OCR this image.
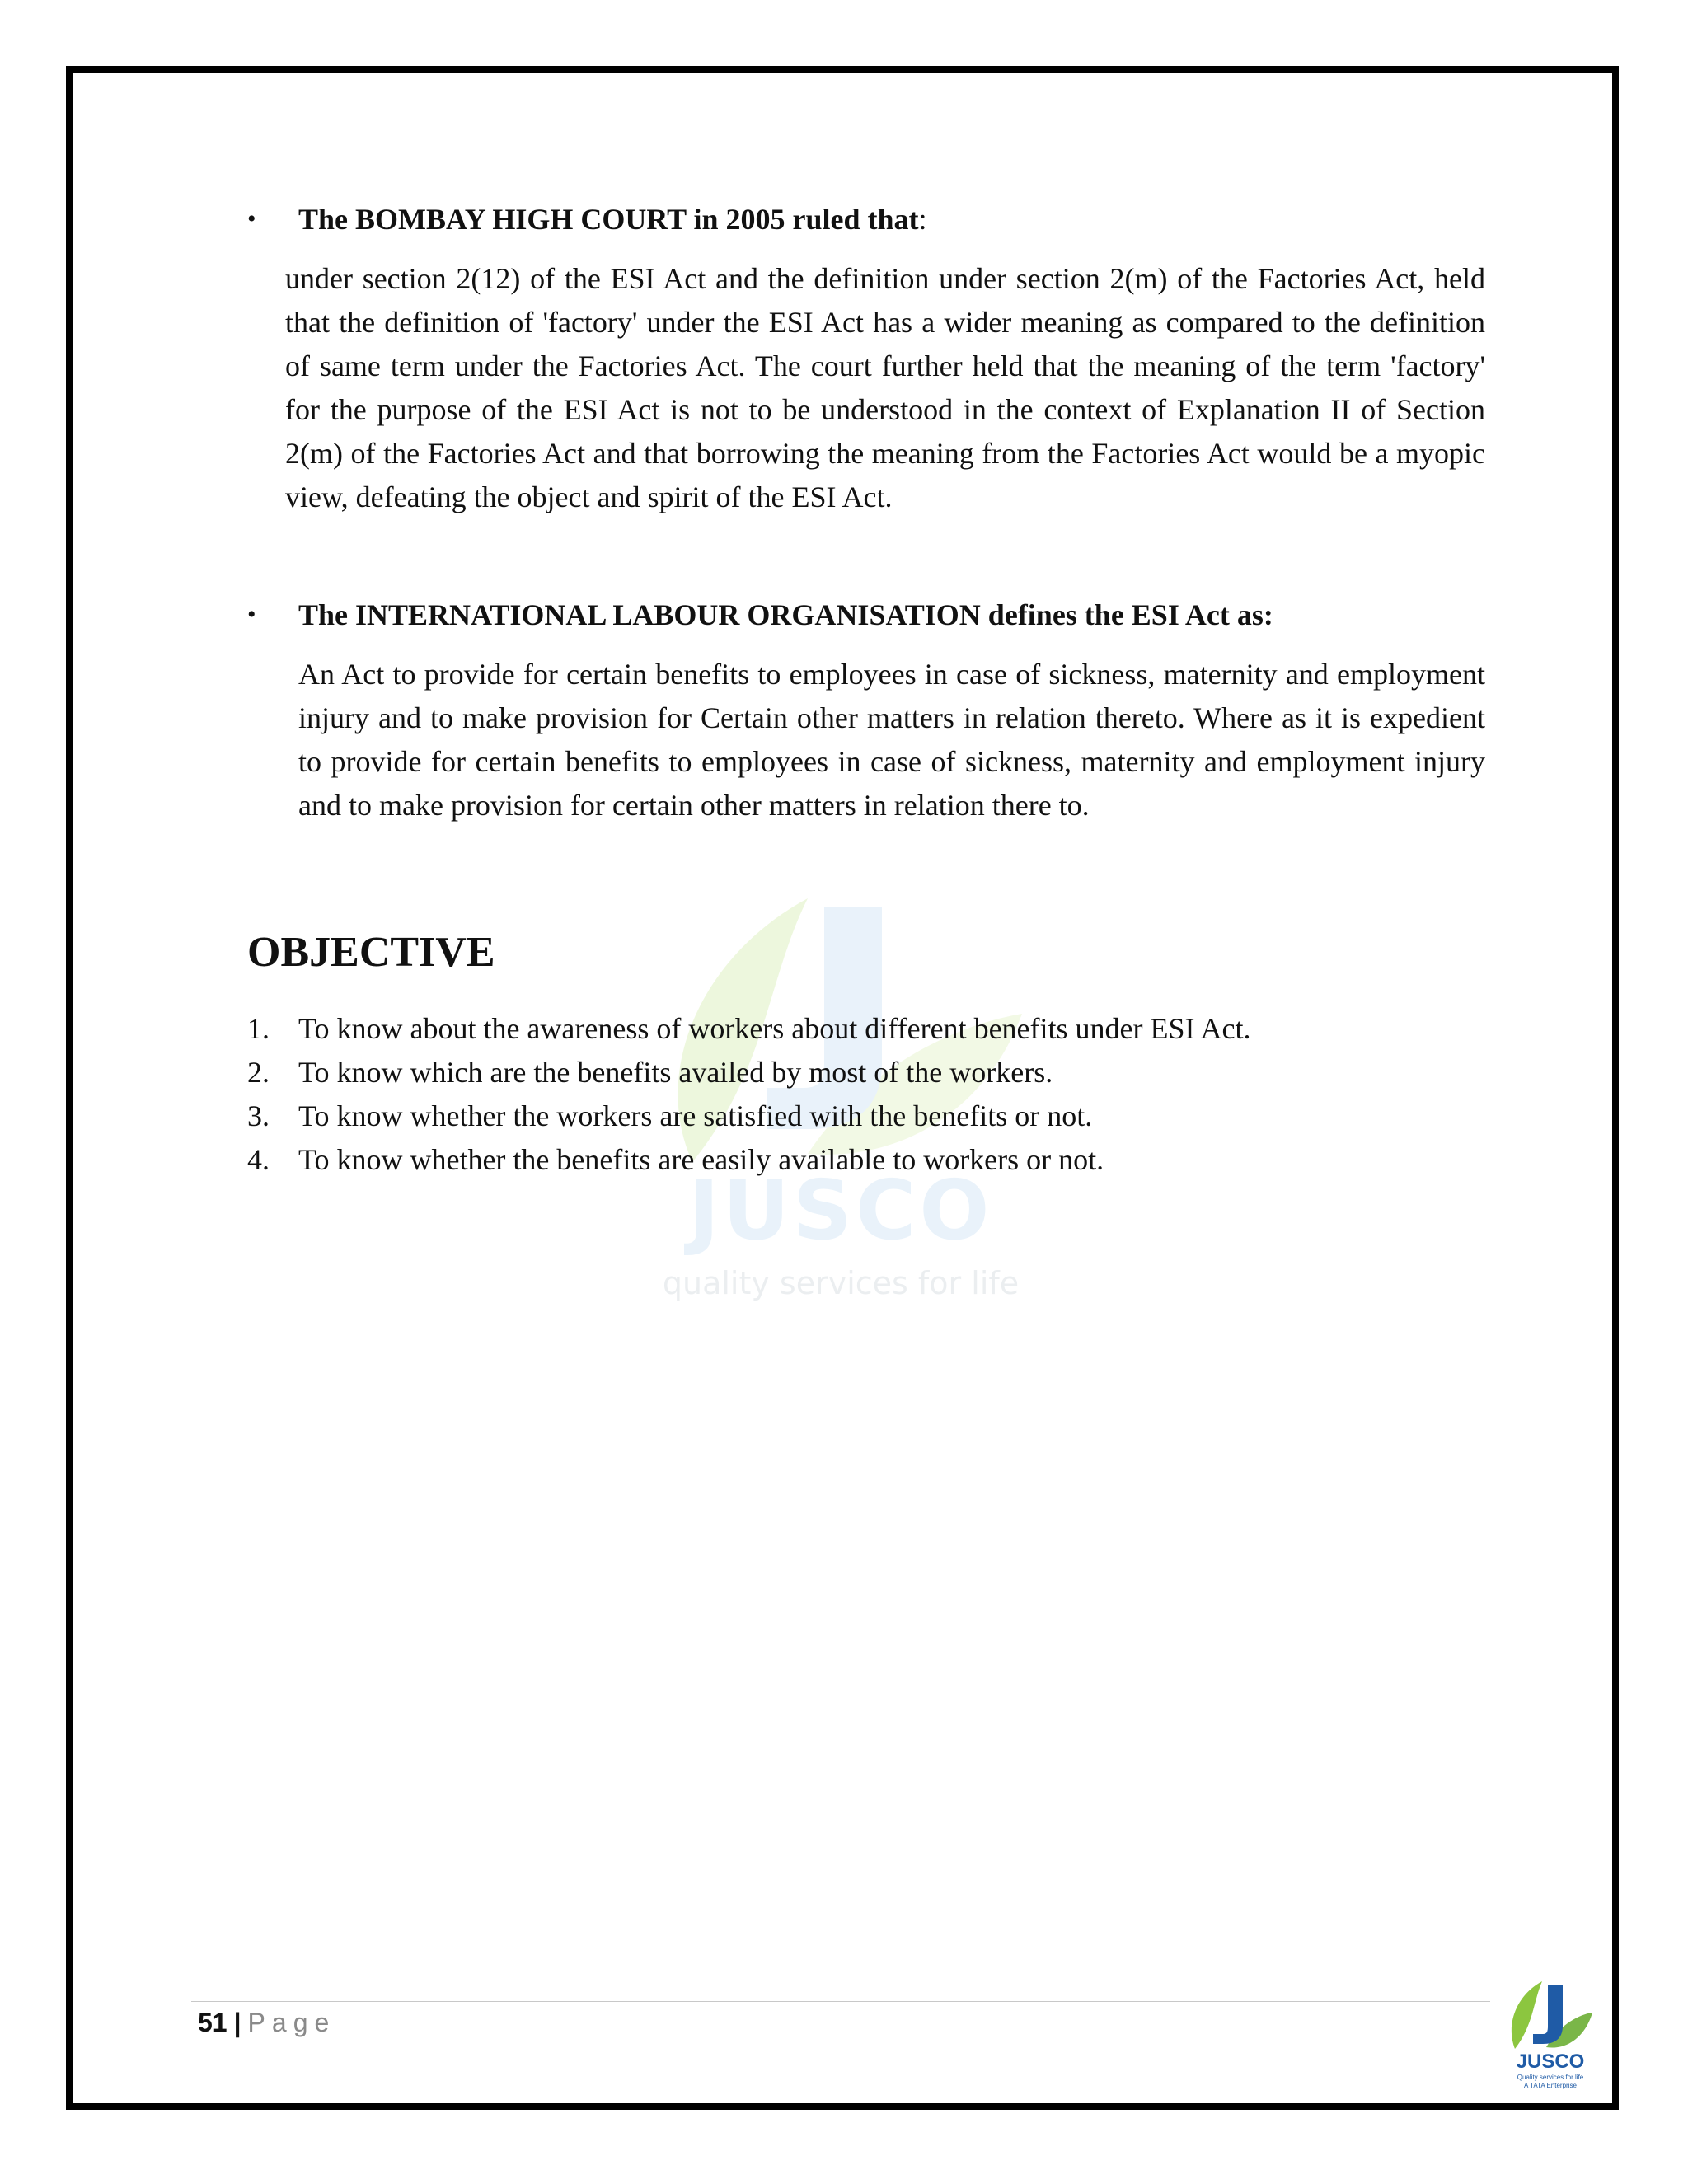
JUSCO
quality services for life
• The BOMBAY HIGH COURT in 2005 ruled that:
under section 2(12) of the ESI Act and the definition under section 2(m) of the Factories Act, held that the definition of 'factory' under the ESI Act has a wider meaning as compared to the definition of same term under the Factories Act. The court further held that the meaning of the term 'factory' for the purpose of the ESI Act is not to be understood in the context of Explanation II of Section 2(m) of the Factories Act and that borrowing the meaning from the Factories Act would be a myopic view, defeating the object and spirit of the ESI Act.
• The INTERNATIONAL LABOUR ORGANISATION defines the ESI Act as:
An Act to provide for certain benefits to employees in case of sickness, maternity and employment injury and to make provision for Certain other matters in relation thereto. Where as it is expedient to provide for certain benefits to employees in case of sickness, maternity and employment injury and to make provision for certain other matters in relation there to.
OBJECTIVE
1. To know about the awareness of workers about different benefits under ESI Act.
2. To know which are the benefits availed by most of the workers.
3. To know whether the workers are satisfied with the benefits or not.
4. To know whether the benefits are easily available to workers or not.
51 | Page
JUSCO
Quality services for life
A TATA Enterprise
